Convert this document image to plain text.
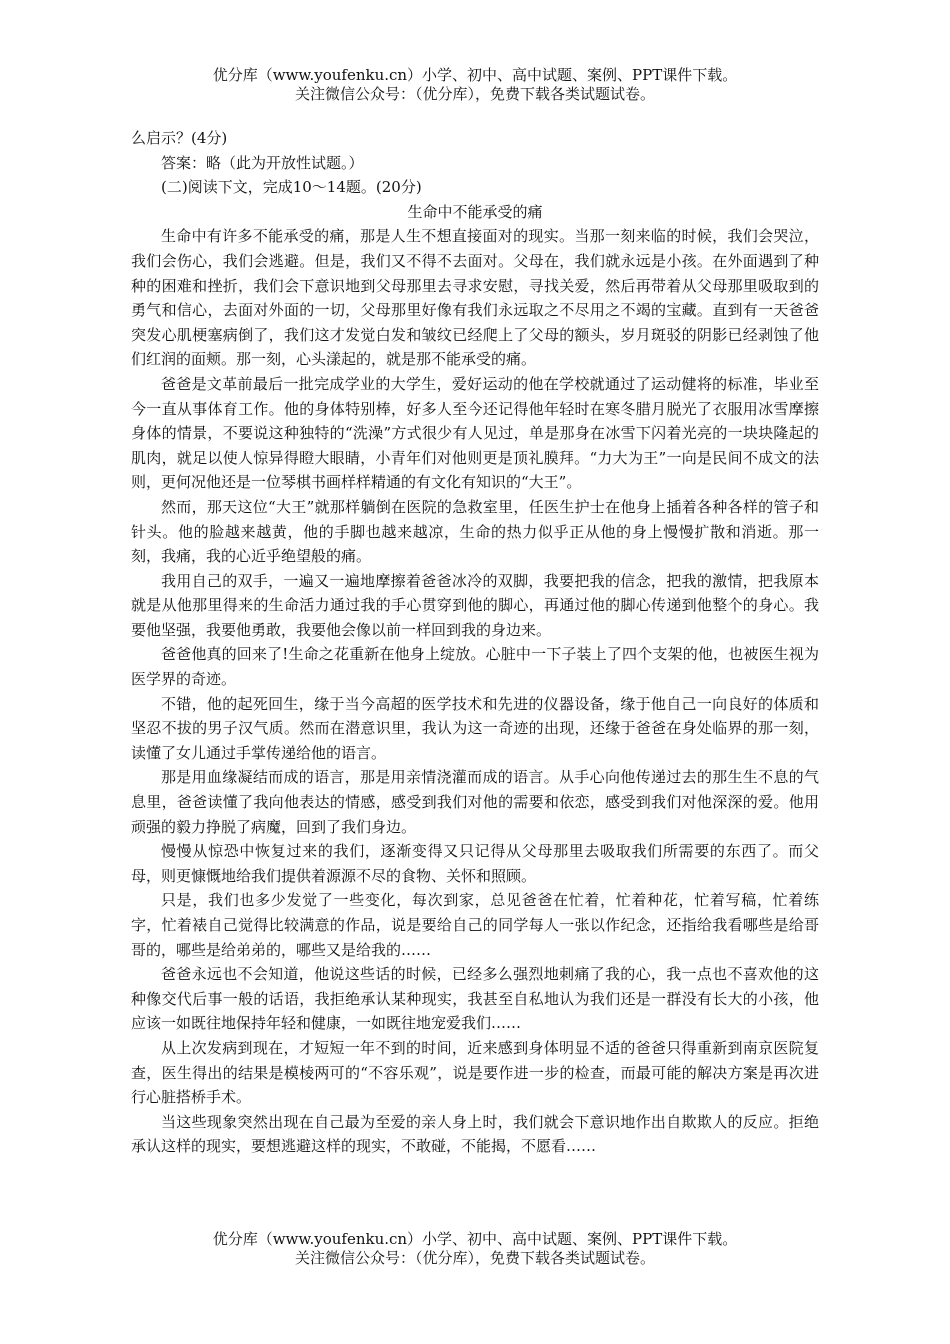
优分库（www.youfenku.cn）小学、初中、高中试题、案例、PPT课件下载。
关注微信公众号：（优分库），免费下载各类试题试卷。

么启示？(4分)

答案：略（此为开放性试题。）

(二)阅读下文，完成10～14题。(20分)

生命中不能承受的痛

生命中有许多不能承受的痛，那是人生不想直接面对的现实。当那一刻来临的时候，我们会哭泣，我们会伤心，我们会逃避。但是，我们又不得不去面对。父母在，我们就永远是小孩。在外面遇到了种种的困难和挫折，我们会下意识地到父母那里去寻求安慰，寻找关爱，然后再带着从父母那里吸取到的勇气和信心，去面对外面的一切，父母那里好像有我们永远取之不尽用之不竭的宝藏。直到有一天爸爸突发心肌梗塞病倒了，我们这才发觉白发和皱纹已经爬上了父母的额头，岁月斑驳的阴影已经剥蚀了他们红润的面颊。那一刻，心头漾起的，就是那不能承受的痛。

爸爸是文革前最后一批完成学业的大学生，爱好运动的他在学校就通过了运动健将的标准，毕业至今一直从事体育工作。他的身体特别棒，好多人至今还记得他年轻时在寒冬腊月脱光了衣服用冰雪摩擦身体的情景，不要说这种独特的“洗澡”方式很少有人见过，单是那身在冰雪下闪着光亮的一块块隆起的肌肉，就足以使人惊异得瞪大眼睛，小青年们对他则更是顶礼膜拜。“力大为王”一向是民间不成文的法则，更何况他还是一位琴棋书画样样精通的有文化有知识的“大王”。

然而，那天这位“大王”就那样躺倒在医院的急救室里，任医生护士在他身上插着各种各样的管子和针头。他的脸越来越黄，他的手脚也越来越凉，生命的热力似乎正从他的身上慢慢扩散和消逝。那一刻，我痛，我的心近乎绝望般的痛。

我用自己的双手，一遍又一遍地摩擦着爸爸冰冷的双脚，我要把我的信念，把我的激情，把我原本就是从他那里得来的生命活力通过我的手心贯穿到他的脚心，再通过他的脚心传递到他整个的身心。我要他坚强，我要他勇敢，我要他会像以前一样回到我的身边来。

爸爸他真的回来了!生命之花重新在他身上绽放。心脏中一下子装上了四个支架的他，也被医生视为医学界的奇迹。

不错，他的起死回生，缘于当今高超的医学技术和先进的仪器设备，缘于他自己一向良好的体质和坚忍不拔的男子汉气质。然而在潜意识里，我认为这一奇迹的出现，还缘于爸爸在身处临界的那一刻，读懂了女儿通过手掌传递给他的语言。

那是用血缘凝结而成的语言，那是用亲情浇灌而成的语言。从手心向他传递过去的那生生不息的气息里，爸爸读懂了我向他表达的情感，感受到我们对他的需要和依恋，感受到我们对他深深的爱。他用顽强的毅力挣脱了病魔，回到了我们身边。

慢慢从惊恐中恢复过来的我们，逐渐变得又只记得从父母那里去吸取我们所需要的东西了。而父母，则更慷慨地给我们提供着源源不尽的食物、关怀和照顾。

只是，我们也多少发觉了一些变化，每次到家，总见爸爸在忙着，忙着种花，忙着写稿，忙着练字，忙着裱自己觉得比较满意的作品，说是要给自己的同学每人一张以作纪念，还指给我看哪些是给哥哥的，哪些是给弟弟的，哪些又是给我的……

爸爸永远也不会知道，他说这些话的时候，已经多么强烈地刺痛了我的心，我一点也不喜欢他的这种像交代后事一般的话语，我拒绝承认某种现实，我甚至自私地认为我们还是一群没有长大的小孩，他应该一如既往地保持年轻和健康，一如既往地宠爱我们……

从上次发病到现在，才短短一年不到的时间，近来感到身体明显不适的爸爸只得重新到南京医院复查，医生得出的结果是模棱两可的“不容乐观”，说是要作进一步的检查，而最可能的解决方案是再次进行心脏搭桥手术。

当这些现象突然出现在自己最为至爱的亲人身上时，我们就会下意识地作出自欺欺人的反应。拒绝承认这样的现实，要想逃避这样的现实，不敢碰，不能揭，不愿看……

优分库（www.youfenku.cn）小学、初中、高中试题、案例、PPT课件下载。
关注微信公众号：（优分库），免费下载各类试题试卷。
